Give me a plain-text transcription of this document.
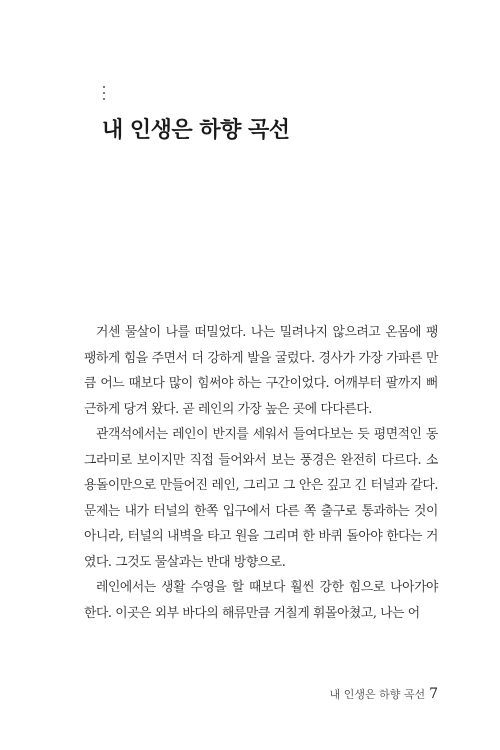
내 인생은 하향 곡선

거센 물살이 나를 떠밀었다. 나는 밀려나지 않으려고 온몸에 팽팽하게 힘을 주면서 더 강하게 발을 굴렀다. 경사가 가장 가파른 만큼 어느 때보다 많이 힘써야 하는 구간이었다. 어깨부터 팔까지 뻐근하게 당겨 왔다. 곧 레인의 가장 높은 곳에 다다른다.

관객석에서는 레인이 반지를 세워서 들여다보는 듯 평면적인 동그라미로 보이지만 직접 들어와서 보는 풍경은 완전히 다르다. 소용돌이만으로 만들어진 레인, 그리고 그 안은 깊고 긴 터널과 같다. 문제는 내가 터널의 한쪽 입구에서 다른 쪽 출구로 통과하는 것이 아니라, 터널의 내벽을 타고 원을 그리며 한 바퀴 돌아야 한다는 거였다. 그것도 물살과는 반대 방향으로.

레인에서는 생활 수영을 할 때보다 훨씬 강한 힘으로 나아가야 한다. 이곳은 외부 바다의 해류만큼 거칠게 휘몰아쳤고, 나는 어

내 인생은 하향 곡선 7
